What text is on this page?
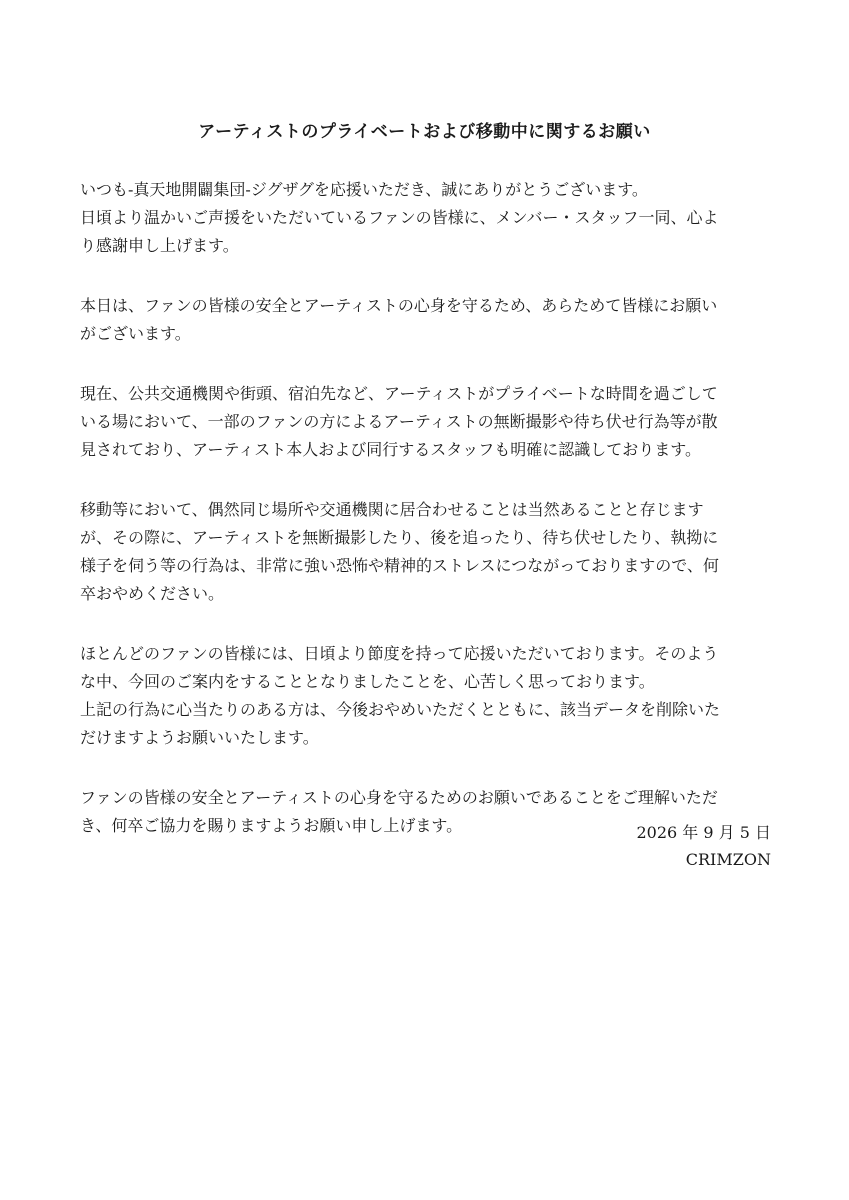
アーティストのプライベートおよび移動中に関するお願い

いつも-真天地開闢集団-ジグザグを応援いただき、誠にありがとうございます。
日頃より温かいご声援をいただいているファンの皆様に、メンバー・スタッフ一同、心よ
り感謝申し上げます。

本日は、ファンの皆様の安全とアーティストの心身を守るため、あらためて皆様にお願い
がございます。

現在、公共交通機関や街頭、宿泊先など、アーティストがプライベートな時間を過ごして
いる場において、一部のファンの方によるアーティストの無断撮影や待ち伏せ行為等が散
見されており、アーティスト本人および同行するスタッフも明確に認識しております。

移動等において、偶然同じ場所や交通機関に居合わせることは当然あることと存じます
が、その際に、アーティストを無断撮影したり、後を追ったり、待ち伏せしたり、執拗に
様子を伺う等の行為は、非常に強い恐怖や精神的ストレスにつながっておりますので、何
卒おやめください。

ほとんどのファンの皆様には、日頃より節度を持って応援いただいております。そのよう
な中、今回のご案内をすることとなりましたことを、心苦しく思っております。
上記の行為に心当たりのある方は、今後おやめいただくとともに、該当データを削除いた
だけますようお願いいたします。

ファンの皆様の安全とアーティストの心身を守るためのお願いであることをご理解いただ
き、何卒ご協力を賜りますようお願い申し上げます。	2026 年 9 月 5 日
CRIMZON
